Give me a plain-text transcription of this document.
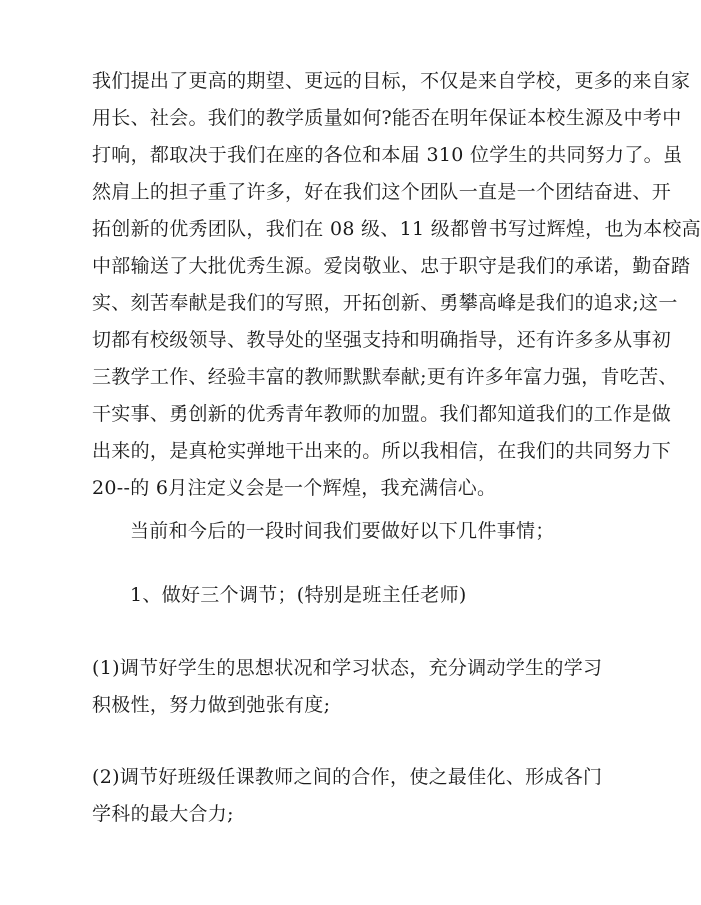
我们提出了更高的期望、更远的目标，不仅是来自学校，更多的来自家
用长、社会。我们的教学质量如何?能否在明年保证本校生源及中考中
打响，都取决于我们在座的各位和本届 310 位学生的共同努力了。虽
然肩上的担子重了许多，好在我们这个团队一直是一个团结奋进、开
拓创新的优秀团队，我们在 08 级、11 级都曾书写过辉煌，也为本校高
中部输送了大批优秀生源。爱岗敬业、忠于职守是我们的承诺，勤奋踏
实、刻苦奉献是我们的写照，开拓创新、勇攀高峰是我们的追求;这一
切都有校级领导、教导处的坚强支持和明确指导，还有许多多从事初
三教学工作、经验丰富的教师默默奉献;更有许多年富力强，肯吃苦、
干实事、勇创新的优秀青年教师的加盟。我们都知道我们的工作是做
出来的，是真枪实弹地干出来的。所以我相信，在我们的共同努力下
20--的 6月注定义会是一个辉煌，我充满信心。

当前和今后的一段时间我们要做好以下几件事情；

1、做好三个调节；(特别是班主任老师)

(1)调节好学生的思想状况和学习状态，充分调动学生的学习
积极性，努力做到弛张有度;

(2)调节好班级任课教师之间的合作，使之最佳化、形成各门
学科的最大合力;
